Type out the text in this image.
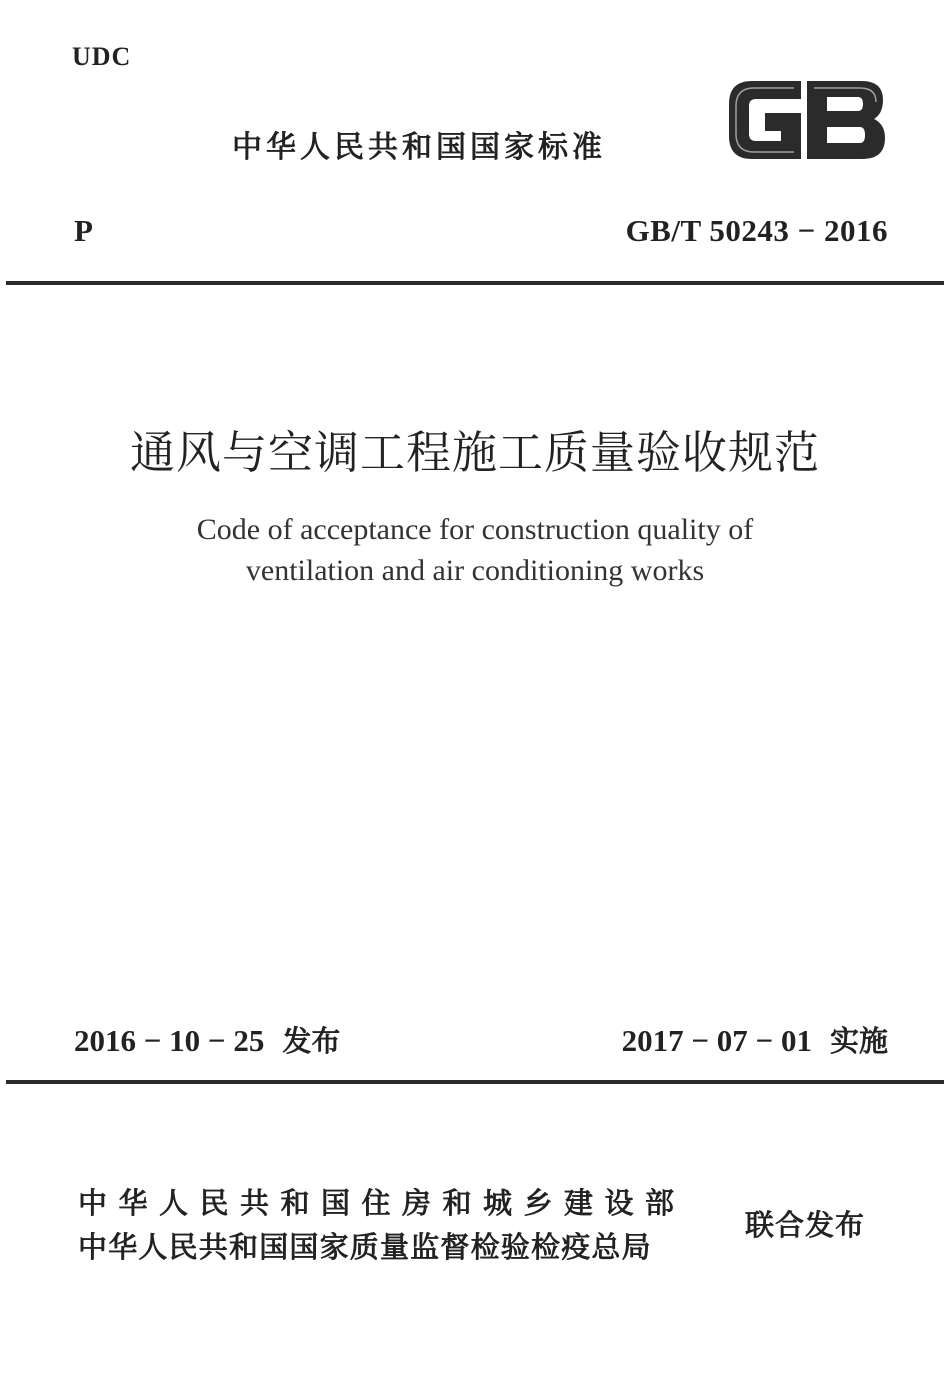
UDC
中华人民共和国国家标准
P	GB/T 50243 − 2016
通风与空调工程施工质量验收规范
Code of acceptance for construction quality of
ventilation and air conditioning works
2016 − 10 − 25 发布	2017 − 07 − 01 实施
中华人民共和国住房和城乡建设部
中华人民共和国国家质量监督检验检疫总局
联合发布
